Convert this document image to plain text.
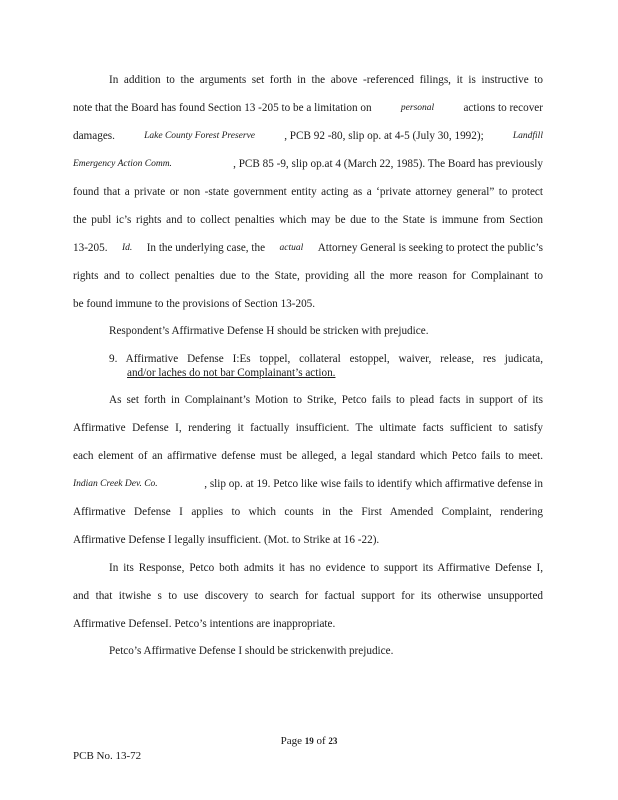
In addition to the arguments set forth in the above -referenced filings, it is instructive to
note that the Board has found Section 13 -205 to be a limitation on	personal	actions to recover
damages.	Lake County Forest Preserve	, PCB 92 -80, slip op. at 4-5 (July 30, 1992);	Landfill
Emergency Action Comm.	, PCB 85 -9, slip op.at 4 (March 22, 1985). The Board has previously
found that a private or non -state government entity acting as a ‘private attorney general” to protect
the publ ic’s rights and to collect penalties which may be due to the State is immune from Section
13-205. Id. In the underlying case, the actual Attorney General is seeking to protect the public’s
rights and to collect penalties due to the State, providing all the more reason for Complainant to
be found immune to the provisions of Section 13-205.
Respondent’s Affirmative Defense H should be stricken with prejudice.
9. Affirmative Defense I:Es toppel, collateral estoppel, waiver, release, res judicata,
and/or laches do not bar Complainant’s action.
As set forth in Complainant’s Motion to Strike, Petco fails to plead facts in support of its
Affirmative Defense I, rendering it factually insufficient. The ultimate facts sufficient to satisfy
each element of an affirmative defense must be alleged, a legal standard which Petco fails to meet.
Indian Creek Dev. Co.	, slip op. at 19. Petco like wise fails to identify which affirmative defense in
Affirmative Defense I applies to which counts in the First Amended Complaint, rendering
Affirmative Defense I legally insufficient. (Mot. to Strike at 16 -22).
In its Response, Petco both admits it has no evidence to support its Affirmative Defense I,
and that itwishe s to use discovery to search for factual support for its otherwise unsupported
Affirmative DefenseI. Petco’s intentions are inappropriate.
Petco’s Affirmative Defense I should be strickenwith prejudice.
Page 19 of 23
PCB No. 13-72
